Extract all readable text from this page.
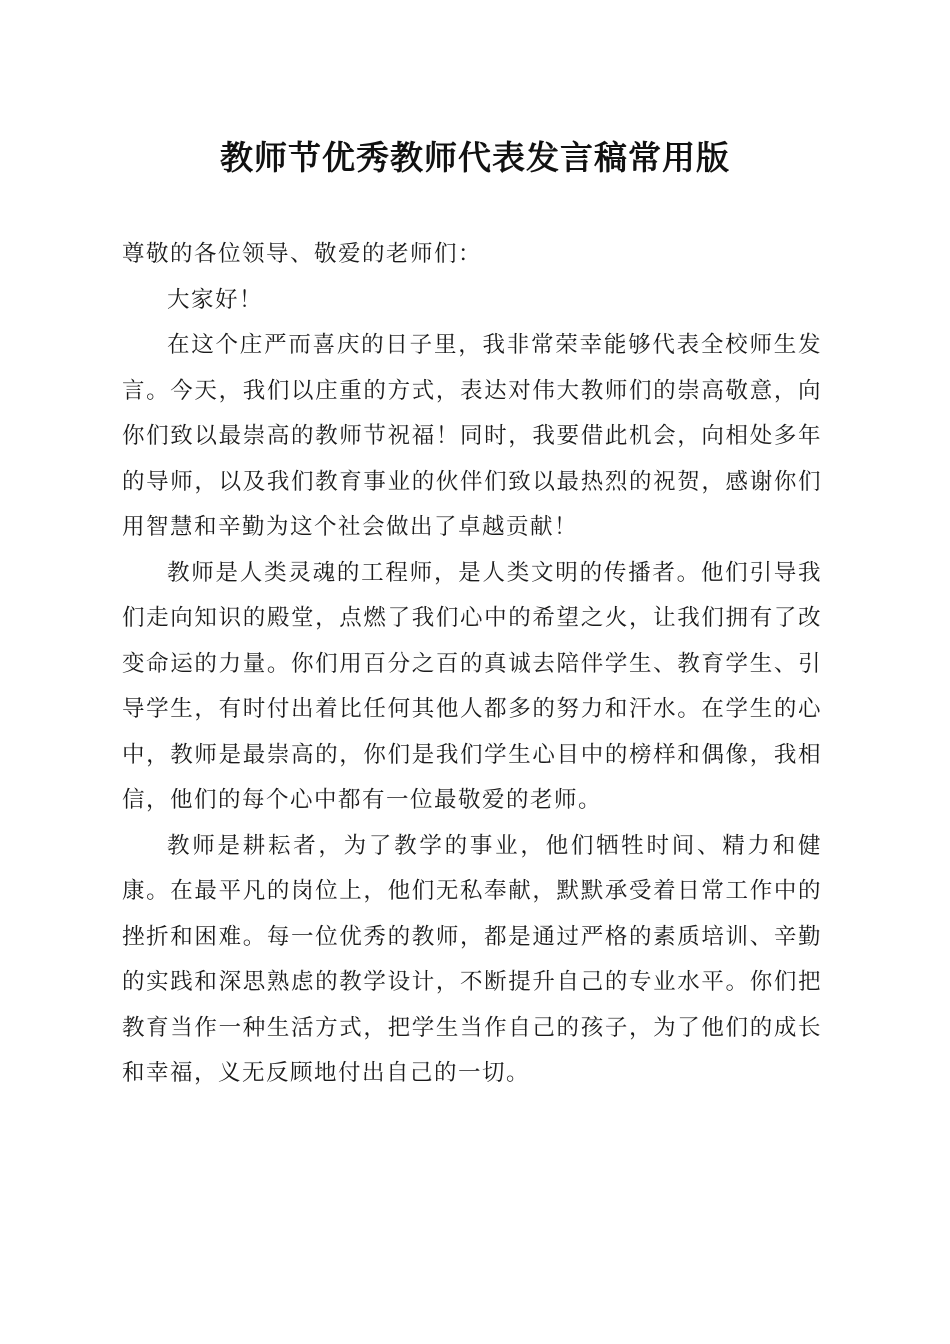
教师节优秀教师代表发言稿常用版

尊敬的各位领导、敬爱的老师们：

大家好！

在这个庄严而喜庆的日子里，我非常荣幸能够代表全校师生发言。今天，我们以庄重的方式，表达对伟大教师们的崇高敬意，向你们致以最崇高的教师节祝福！同时，我要借此机会，向相处多年的导师，以及我们教育事业的伙伴们致以最热烈的祝贺，感谢你们用智慧和辛勤为这个社会做出了卓越贡献！

教师是人类灵魂的工程师，是人类文明的传播者。他们引导我们走向知识的殿堂，点燃了我们心中的希望之火，让我们拥有了改变命运的力量。你们用百分之百的真诚去陪伴学生、教育学生、引导学生，有时付出着比任何其他人都多的努力和汗水。在学生的心中，教师是最崇高的，你们是我们学生心目中的榜样和偶像，我相信，他们的每个心中都有一位最敬爱的老师。

教师是耕耘者，为了教学的事业，他们牺牲时间、精力和健康。在最平凡的岗位上，他们无私奉献，默默承受着日常工作中的挫折和困难。每一位优秀的教师，都是通过严格的素质培训、辛勤的实践和深思熟虑的教学设计，不断提升自己的专业水平。你们把教育当作一种生活方式，把学生当作自己的孩子，为了他们的成长和幸福，义无反顾地付出自己的一切。
